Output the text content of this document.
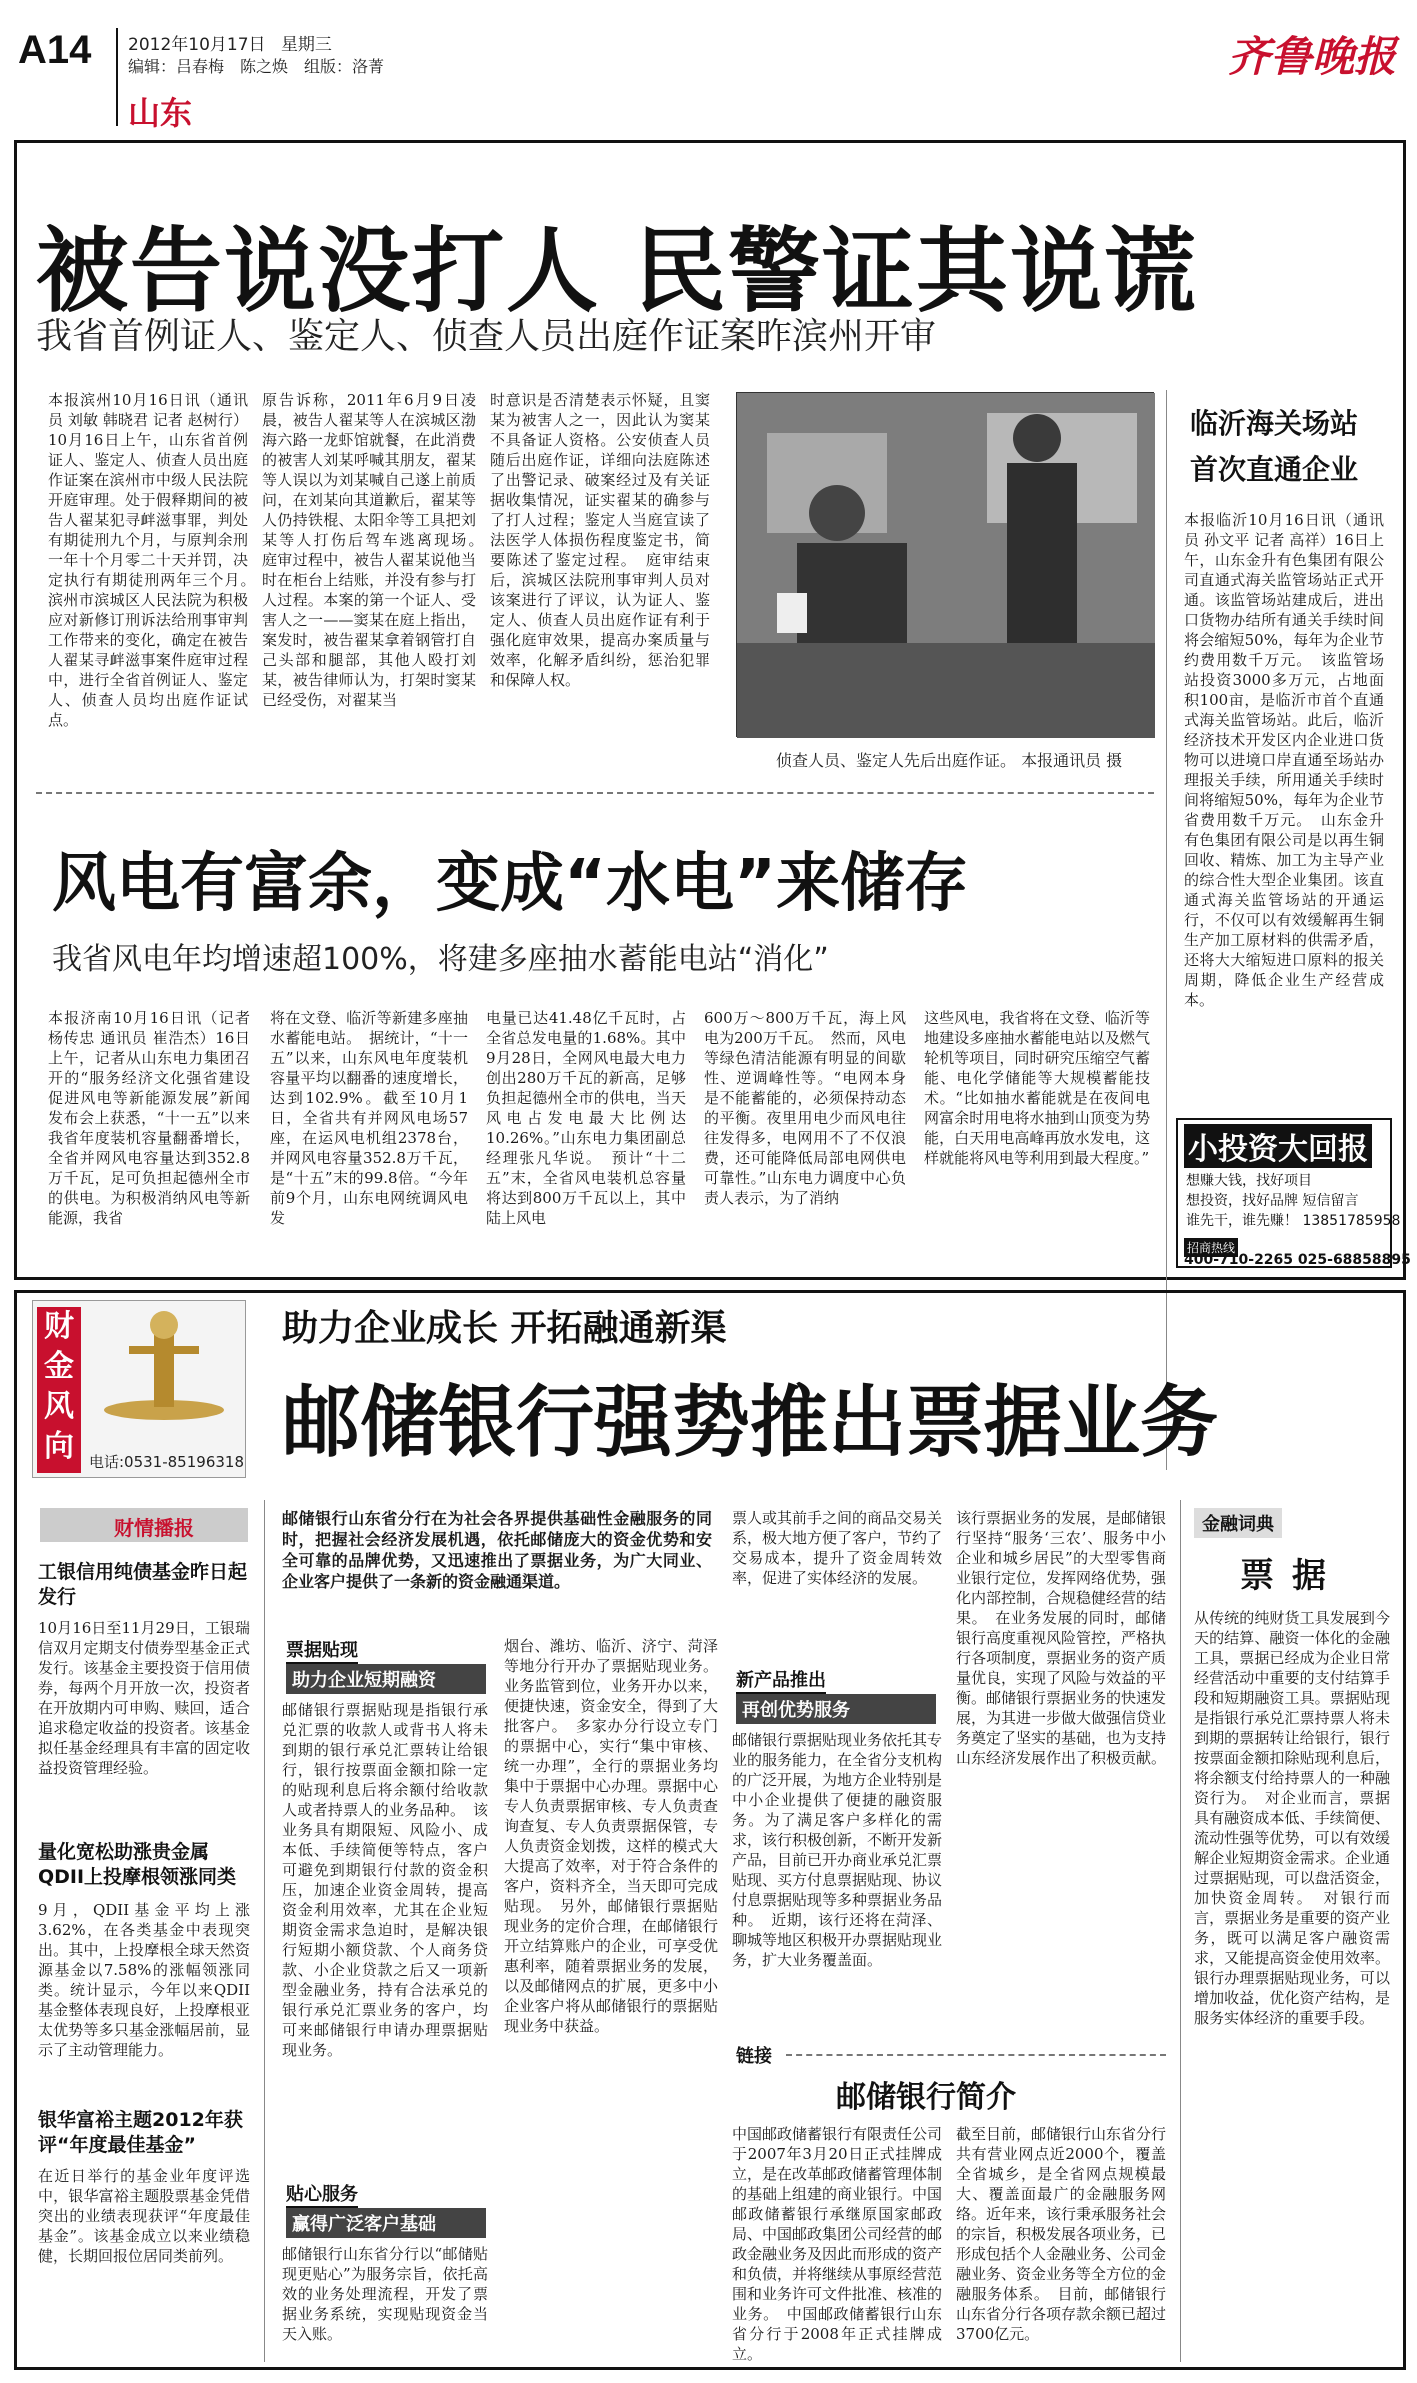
A14 2012年10月17日 星期三
编辑：吕春梅　陈之焕　组版：洛菁
山东
齐鲁晚报
被告说没打人 民警证其说谎
我省首例证人、鉴定人、侦查人员出庭作证案昨滨州开审
本报滨州10月16日讯（通讯员 刘敏 韩晓君 记者 赵树行）10月16日上午，山东省首例证人、鉴定人、侦查人员出庭作证案在滨州市中级人民法院开庭审理。处于假释期间的被告人翟某犯寻衅滋事罪，判处有期徒刑九个月，与原判余刑一年十个月零二十天并罚，决定执行有期徒刑两年三个月。　滨州市滨城区人民法院为积极应对新修订刑诉法给刑事审判工作带来的变化，确定在被告人翟某寻衅滋事案件庭审过程中，进行全省首例证人、鉴定人、侦查人员均出庭作证试点。
原告诉称，2011年6月9日凌晨，被告人翟某等人在滨城区渤海六路一龙虾馆就餐，在此消费的被害人刘某呼喊其朋友，翟某等人误以为刘某喊自己遂上前质问，在刘某向其道歉后，翟某等人仍持铁棍、太阳伞等工具把刘某等人打伤后驾车逃离现场。　庭审过程中，被告人翟某说他当时在柜台上结账，并没有参与打人过程。本案的第一个证人、受害人之一——窦某在庭上指出，案发时，被告翟某拿着钢管打自己头部和腿部，其他人殴打刘某，被告律师认为，打架时窦某已经受伤，对翟某当
时意识是否清楚表示怀疑，且窦某为被害人之一，因此认为窦某不具备证人资格。公安侦查人员随后出庭作证，详细向法庭陈述了出警记录、破案经过及有关证据收集情况，证实翟某的确参与了打人过程；鉴定人当庭宣读了法医学人体损伤程度鉴定书，简要陈述了鉴定过程。　庭审结束后，滨城区法院刑事审判人员对该案进行了评议，认为证人、鉴定人、侦查人员出庭作证有利于强化庭审效果，提高办案质量与效率，化解矛盾纠纷，惩治犯罪和保障人权。
侦查人员、鉴定人先后出庭作证。 本报通讯员 摄
临沂海关场站
首次直通企业
本报临沂10月16日讯（通讯员 孙文平 记者 高祥）16日上午，山东金升有色集团有限公司直通式海关监管场站正式开通。该监管场站建成后，进出口货物办结所有通关手续时间将会缩短50%，每年为企业节约费用数千万元。　该监管场站投资3000多万元，占地面积100亩，是临沂市首个直通式海关监管场站。此后，临沂经济技术开发区内企业进口货物可以进境口岸直通至场站办理报关手续，所用通关手续时间将缩短50%，每年为企业节省费用数千万元。　山东金升有色集团有限公司是以再生铜回收、精炼、加工为主导产业的综合性大型企业集团。该直通式海关监管场站的开通运行，不仅可以有效缓解再生铜生产加工原材料的供需矛盾，还将大大缩短进口原料的报关周期，降低企业生产经营成本。
风电有富余，变成“水电”来储存
我省风电年均增速超100%，将建多座抽水蓄能电站“消化”
本报济南10月16日讯（记者 杨传忠 通讯员 崔浩杰）16日上午，记者从山东电力集团召开的“服务经济文化强省建设 促进风电等新能源发展”新闻发布会上获悉，“十一五”以来我省年度装机容量翻番增长，全省并网风电容量达到352.8万千瓦，足可负担起德州全市的供电。为积极消纳风电等新能源，我省
将在文登、临沂等新建多座抽水蓄能电站。　据统计，“十一五”以来，山东风电年度装机容量平均以翻番的速度增长，达到102.9%。截至10月1日，全省共有并网风电场57座，在运风电机组2378台，并网风电容量352.8万千瓦，是“十五”末的99.8倍。“今年前9个月，山东电网统调风电发
电量已达41.48亿千瓦时，占全省总发电量的1.68%。其中9月28日，全网风电最大电力创出280万千瓦的新高，足够负担起德州全市的供电，当天风电占发电最大比例达10.26%。”山东电力集团副总经理张凡华说。　预计“十二五”末，全省风电装机总容量将达到800万千瓦以上，其中陆上风电
600万～800万千瓦，海上风电为200万千瓦。　然而，风电等绿色清洁能源有明显的间歇性、逆调峰性等。“电网本身是不能蓄能的，必须保持动态的平衡。夜里用电少而风电往往发得多，电网用不了不仅浪费，还可能降低局部电网供电可靠性。”山东电力调度中心负责人表示，为了消纳
这些风电，我省将在文登、临沂等地建设多座抽水蓄能电站以及燃气轮机等项目，同时研究压缩空气蓄能、电化学储能等大规模蓄能技术。“比如抽水蓄能就是在夜间电网富余时用电将水抽到山顶变为势能，白天用电高峰再放水发电，这样就能将风电等利用到最大程度。” 小投资大回报
想赚大钱，找好项目
想投资，找好品牌 短信留言
谁先干，谁先赚！ 13851785958
招商热线
400-710-2265 025-68858895
财
金
风
向	电话:0531-85196318
助力企业成长 开拓融通新渠
邮储银行强势推出票据业务
财情播报
工银信用纯债基金昨日起发行
10月16日至11月29日，工银瑞信双月定期支付债券型基金正式发行。该基金主要投资于信用债券，每两个月开放一次，投资者在开放期内可申购、赎回，适合追求稳定收益的投资者。该基金拟任基金经理具有丰富的固定收益投资管理经验。
量化宽松助涨贵金属QDII上投摩根领涨同类
9月，QDII基金平均上涨3.62%，在各类基金中表现突出。其中，上投摩根全球天然资源基金以7.58%的涨幅领涨同类。统计显示，今年以来QDII基金整体表现良好，上投摩根亚太优势等多只基金涨幅居前，显示了主动管理能力。
银华富裕主题2012年获评“年度最佳基金”
在近日举行的基金业年度评选中，银华富裕主题股票基金凭借突出的业绩表现获评“年度最佳基金”。该基金成立以来业绩稳健，长期回报位居同类前列。
邮储银行山东省分行在为社会各界提供基础性金融服务的同时，把握社会经济发展机遇，依托邮储庞大的资金优势和安全可靠的品牌优势，又迅速推出了票据业务，为广大同业、企业客户提供了一条新的资金融通渠道。
票据贴现
助力企业短期融资
邮储银行票据贴现是指银行承兑汇票的收款人或背书人将未到期的银行承兑汇票转让给银行，银行按票面金额扣除一定的贴现利息后将余额付给收款人或者持票人的业务品种。　该业务具有期限短、风险小、成本低、手续简便等特点，客户可避免到期银行付款的资金积压，加速企业资金周转，提高资金利用效率，尤其在企业短期资金需求急迫时，是解决银行短期小额贷款、个人商务贷款、小企业贷款之后又一项新型金融业务，持有合法承兑的银行承兑汇票业务的客户，均可来邮储银行申请办理票据贴现业务。
贴心服务
赢得广泛客户基础
邮储银行山东省分行以“邮储贴现更贴心”为服务宗旨，依托高效的业务处理流程，开发了票据业务系统，实现贴现资金当天入账。
烟台、潍坊、临沂、济宁、菏泽等地分行开办了票据贴现业务。业务监管到位，业务开办以来，便捷快速，资金安全，得到了大批客户。　多家办分行设立专门的票据中心，实行“集中审核、统一办理”，全行的票据业务均集中于票据中心办理。票据中心专人负责票据审核、专人负责查询查复、专人负责票据保管，专人负责资金划拨，这样的模式大大提高了效率，对于符合条件的客户，资料齐全，当天即可完成贴现。　另外，邮储银行票据贴现业务的定价合理，在邮储银行开立结算账户的企业，可享受优惠利率，随着票据业务的发展，以及邮储网点的扩展，更多中小企业客户将从邮储银行的票据贴现业务中获益。
票人或其前手之间的商品交易关系，极大地方便了客户，节约了交易成本，提升了资金周转效率，促进了实体经济的发展。
新产品推出
再创优势服务
邮储银行票据贴现业务依托其专业的服务能力，在全省分支机构的广泛开展，为地方企业特别是中小企业提供了便捷的融资服务。为了满足客户多样化的需求，该行积极创新，不断开发新产品，目前已开办商业承兑汇票贴现、买方付息票据贴现、协议付息票据贴现等多种票据业务品种。　近期，该行还将在菏泽、聊城等地区积极开办票据贴现业务，扩大业务覆盖面。
该行票据业务的发展，是邮储银行坚持“服务‘三农’、服务中小企业和城乡居民”的大型零售商业银行定位，发挥网络优势，强化内部控制，合规稳健经营的结果。　在业务发展的同时，邮储银行高度重视风险管控，严格执行各项制度，票据业务的资产质量优良，实现了风险与效益的平衡。邮储银行票据业务的快速发展，为其进一步做大做强信贷业务奠定了坚实的基础，也为支持山东经济发展作出了积极贡献。
链接
邮储银行简介
中国邮政储蓄银行有限责任公司于2007年3月20日正式挂牌成立，是在改革邮政储蓄管理体制的基础上组建的商业银行。中国邮政储蓄银行承继原国家邮政局、中国邮政集团公司经营的邮政金融业务及因此而形成的资产和负债，并将继续从事原经营范围和业务许可文件批准、核准的业务。　中国邮政储蓄银行山东省分行于2008年正式挂牌成立。
截至目前，邮储银行山东省分行共有营业网点近2000个，覆盖全省城乡，是全省网点规模最大、覆盖面最广的金融服务网络。近年来，该行秉承服务社会的宗旨，积极发展各项业务，已形成包括个人金融业务、公司金融业务、资金业务等全方位的金融服务体系。　目前，邮储银行山东省分行各项存款余额已超过3700亿元。
金融词典
票据
从传统的纯财货工具发展到今天的结算、融资一体化的金融工具，票据已经成为企业日常经营活动中重要的支付结算手段和短期融资工具。票据贴现是指银行承兑汇票持票人将未到期的票据转让给银行，银行按票面金额扣除贴现利息后，将余额支付给持票人的一种融资行为。　对企业而言，票据具有融资成本低、手续简便、流动性强等优势，可以有效缓解企业短期资金需求。企业通过票据贴现，可以盘活资金，加快资金周转。　对银行而言，票据业务是重要的资产业务，既可以满足客户融资需求，又能提高资金使用效率。银行办理票据贴现业务，可以增加收益，优化资产结构，是服务实体经济的重要手段。
